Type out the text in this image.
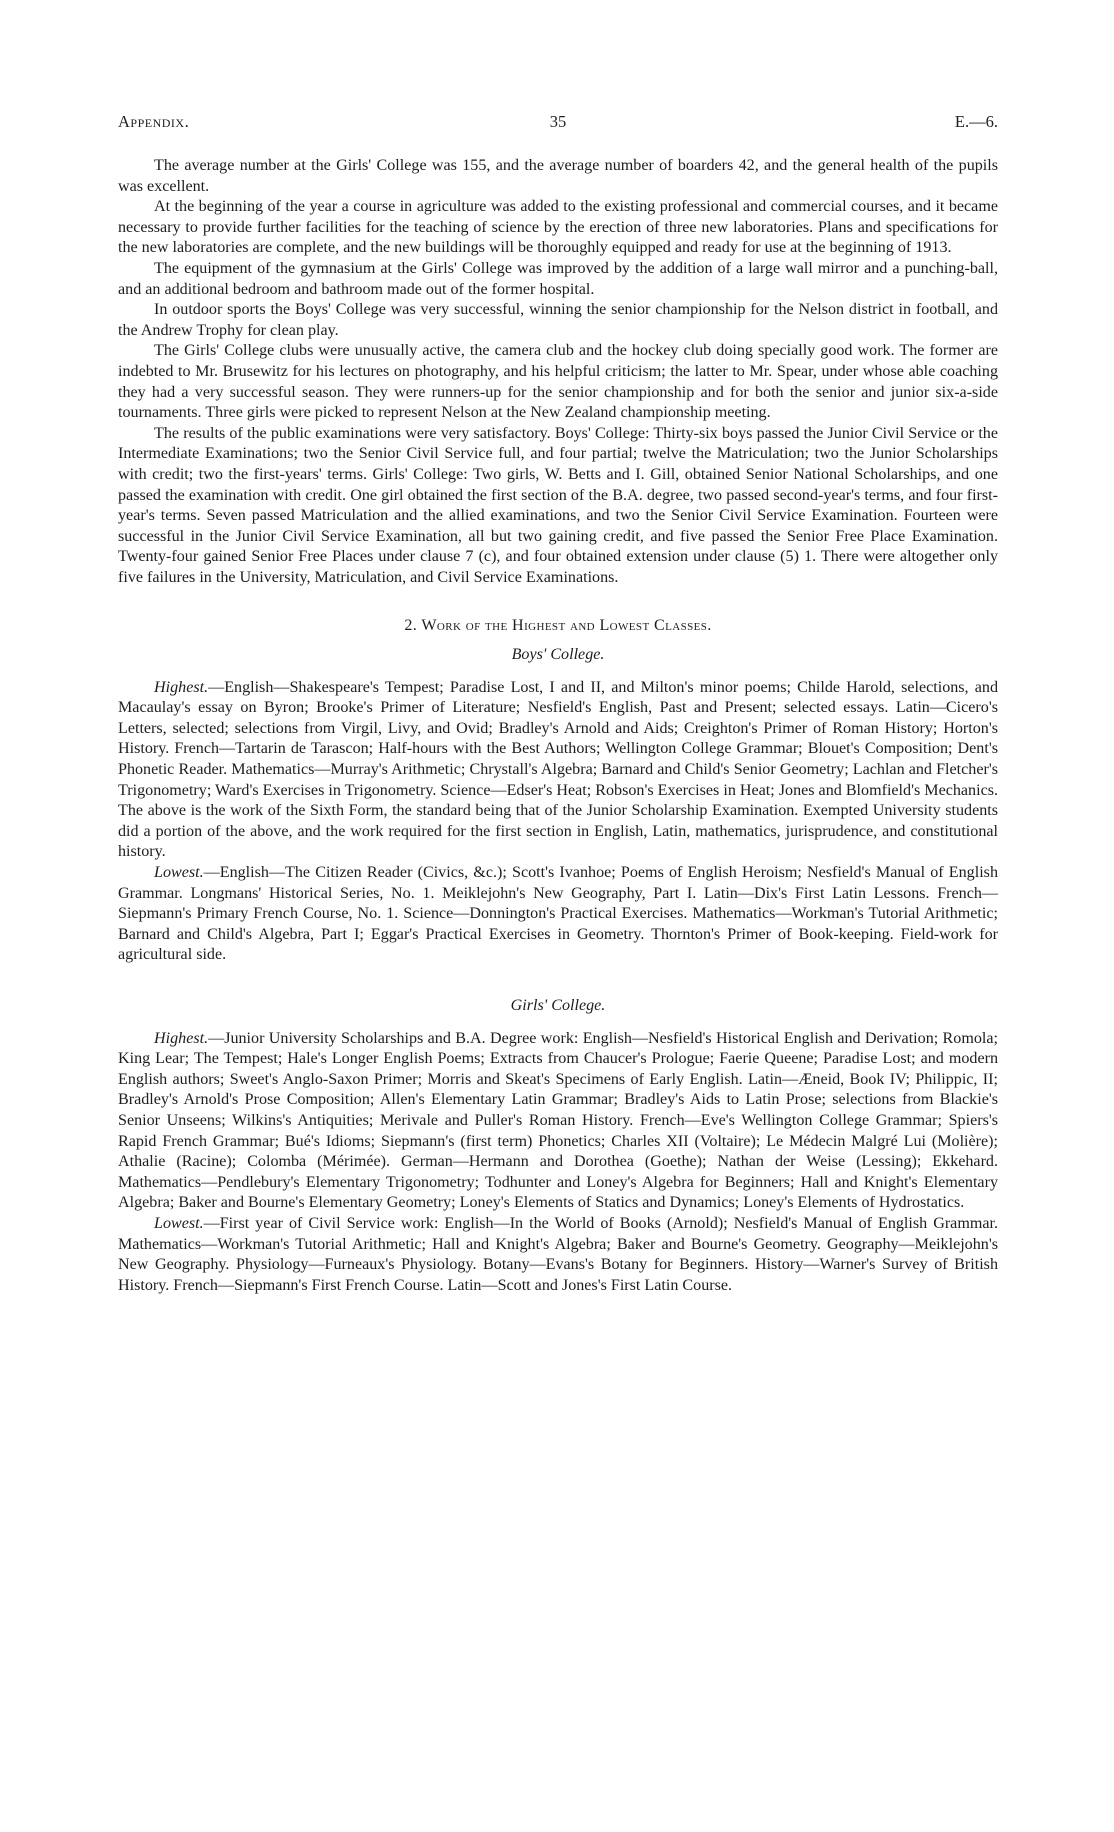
Appendix.	35	E.—6.

The average number at the Girls' College was 155, and the average number of boarders 42, and the general health of the pupils was excellent.

At the beginning of the year a course in agriculture was added to the existing professional and commercial courses, and it became necessary to provide further facilities for the teaching of science by the erection of three new laboratories. Plans and specifications for the new laboratories are complete, and the new buildings will be thoroughly equipped and ready for use at the beginning of 1913.

The equipment of the gymnasium at the Girls' College was improved by the addition of a large wall mirror and a punching-ball, and an additional bedroom and bathroom made out of the former hospital.

In outdoor sports the Boys' College was very successful, winning the senior championship for the Nelson district in football, and the Andrew Trophy for clean play.

The Girls' College clubs were unusually active, the camera club and the hockey club doing specially good work. The former are indebted to Mr. Brusewitz for his lectures on photography, and his helpful criticism; the latter to Mr. Spear, under whose able coaching they had a very successful season. They were runners-up for the senior championship and for both the senior and junior six-a-side tournaments. Three girls were picked to represent Nelson at the New Zealand championship meeting.

The results of the public examinations were very satisfactory. Boys' College: Thirty-six boys passed the Junior Civil Service or the Intermediate Examinations; two the Senior Civil Service full, and four partial; twelve the Matriculation; two the Junior Scholarships with credit; two the first-years' terms. Girls' College: Two girls, W. Betts and I. Gill, obtained Senior National Scholarships, and one passed the examination with credit. One girl obtained the first section of the B.A. degree, two passed second-year's terms, and four first-year's terms. Seven passed Matriculation and the allied examinations, and two the Senior Civil Service Examination. Fourteen were successful in the Junior Civil Service Examination, all but two gaining credit, and five passed the Senior Free Place Examination. Twenty-four gained Senior Free Places under clause 7 (c), and four obtained extension under clause (5) 1. There were altogether only five failures in the University, Matriculation, and Civil Service Examinations.

2. Work of the Highest and Lowest Classes.

Boys' College.

Highest.—English—Shakespeare's Tempest; Paradise Lost, I and II, and Milton's minor poems; Childe Harold, selections, and Macaulay's essay on Byron; Brooke's Primer of Literature; Nesfield's English, Past and Present; selected essays. Latin—Cicero's Letters, selected; selections from Virgil, Livy, and Ovid; Bradley's Arnold and Aids; Creighton's Primer of Roman History; Horton's History. French—Tartarin de Tarascon; Half-hours with the Best Authors; Wellington College Grammar; Blouet's Composition; Dent's Phonetic Reader. Mathematics—Murray's Arithmetic; Chrystall's Algebra; Barnard and Child's Senior Geometry; Lachlan and Fletcher's Trigonometry; Ward's Exercises in Trigonometry. Science—Edser's Heat; Robson's Exercises in Heat; Jones and Blomfield's Mechanics. The above is the work of the Sixth Form, the standard being that of the Junior Scholarship Examination. Exempted University students did a portion of the above, and the work required for the first section in English, Latin, mathematics, jurisprudence, and constitutional history.

Lowest.—English—The Citizen Reader (Civics, &c.); Scott's Ivanhoe; Poems of English Heroism; Nesfield's Manual of English Grammar. Longmans' Historical Series, No. 1. Meiklejohn's New Geography, Part I. Latin—Dix's First Latin Lessons. French—Siepmann's Primary French Course, No. 1. Science—Donnington's Practical Exercises. Mathematics—Workman's Tutorial Arithmetic; Barnard and Child's Algebra, Part I; Eggar's Practical Exercises in Geometry. Thornton's Primer of Book-keeping. Field-work for agricultural side.

Girls' College.

Highest.—Junior University Scholarships and B.A. Degree work: English—Nesfield's Historical English and Derivation; Romola; King Lear; The Tempest; Hale's Longer English Poems; Extracts from Chaucer's Prologue; Faerie Queene; Paradise Lost; and modern English authors; Sweet's Anglo-Saxon Primer; Morris and Skeat's Specimens of Early English. Latin—Æneid, Book IV; Philippic, II; Bradley's Arnold's Prose Composition; Allen's Elementary Latin Grammar; Bradley's Aids to Latin Prose; selections from Blackie's Senior Unseens; Wilkins's Antiquities; Merivale and Puller's Roman History. French—Eve's Wellington College Grammar; Spiers's Rapid French Grammar; Bué's Idioms; Siepmann's (first term) Phonetics; Charles XII (Voltaire); Le Médecin Malgré Lui (Molière); Athalie (Racine); Colomba (Mérimée). German—Hermann and Dorothea (Goethe); Nathan der Weise (Lessing); Ekkehard. Mathematics—Pendlebury's Elementary Trigonometry; Todhunter and Loney's Algebra for Beginners; Hall and Knight's Elementary Algebra; Baker and Bourne's Elementary Geometry; Loney's Elements of Statics and Dynamics; Loney's Elements of Hydrostatics.

Lowest.—First year of Civil Service work: English—In the World of Books (Arnold); Nesfield's Manual of English Grammar. Mathematics—Workman's Tutorial Arithmetic; Hall and Knight's Algebra; Baker and Bourne's Geometry. Geography—Meiklejohn's New Geography. Physiology—Furneaux's Physiology. Botany—Evans's Botany for Beginners. History—Warner's Survey of British History. French—Siepmann's First French Course. Latin—Scott and Jones's First Latin Course.
